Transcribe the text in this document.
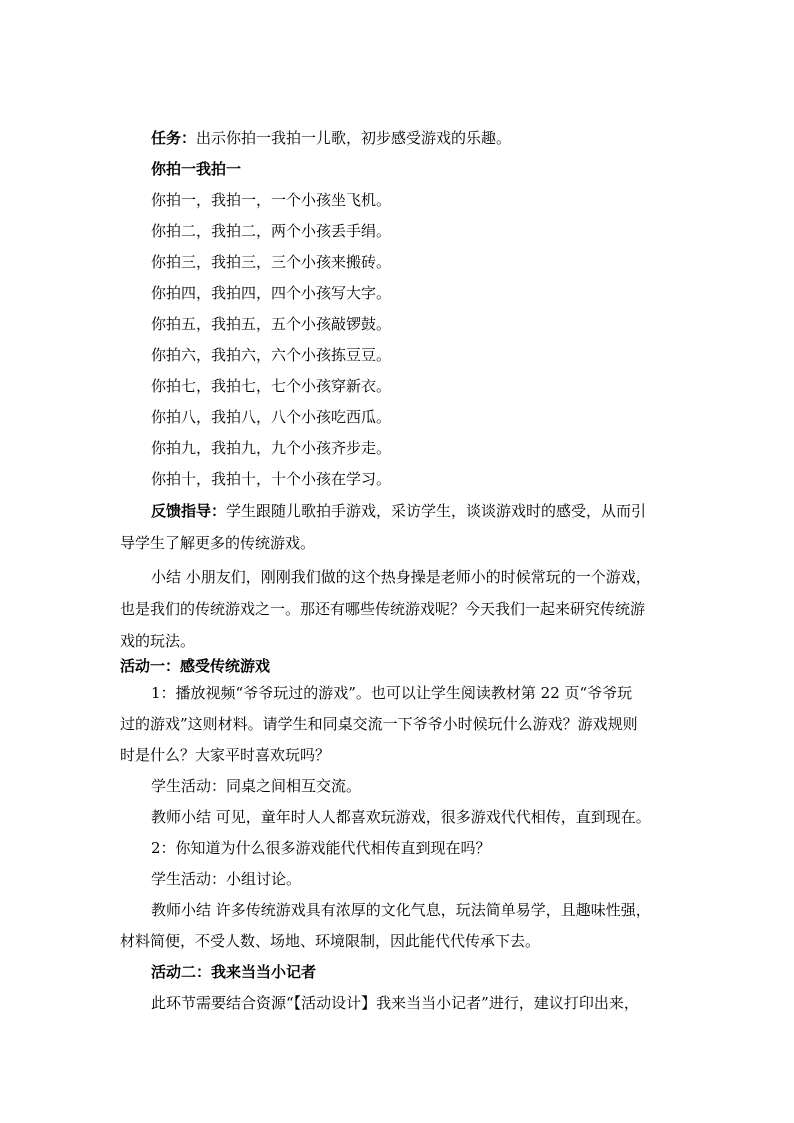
任务：出示你拍一我拍一儿歌，初步感受游戏的乐趣。
你拍一我拍一
你拍一，我拍一，一个小孩坐飞机。
你拍二，我拍二，两个小孩丢手绢。
你拍三，我拍三，三个小孩来搬砖。
你拍四，我拍四，四个小孩写大字。
你拍五，我拍五，五个小孩敲锣鼓。
你拍六，我拍六，六个小孩拣豆豆。
你拍七，我拍七，七个小孩穿新衣。
你拍八，我拍八，八个小孩吃西瓜。
你拍九，我拍九，九个小孩齐步走。
你拍十，我拍十，十个小孩在学习。
反馈指导：学生跟随儿歌拍手游戏，采访学生，谈谈游戏时的感受，从而引
导学生了解更多的传统游戏。
小结 小朋友们，刚刚我们做的这个热身操是老师小的时候常玩的一个游戏，
也是我们的传统游戏之一。那还有哪些传统游戏呢？今天我们一起来研究传统游
戏的玩法。
活动一：感受传统游戏
1：播放视频“爷爷玩过的游戏”。也可以让学生阅读教材第 22 页“爷爷玩
过的游戏”这则材料。请学生和同桌交流一下爷爷小时候玩什么游戏？游戏规则
时是什么？大家平时喜欢玩吗？
学生活动：同桌之间相互交流。
教师小结 可见，童年时人人都喜欢玩游戏，很多游戏代代相传，直到现在。
2：你知道为什么很多游戏能代代相传直到现在吗？
学生活动：小组讨论。
教师小结 许多传统游戏具有浓厚的文化气息，玩法简单易学，且趣味性强，
材料简便，不受人数、场地、环境限制，因此能代代传承下去。
活动二：我来当当小记者
此环节需要结合资源“【活动设计】我来当当小记者”进行，建议打印出来，
